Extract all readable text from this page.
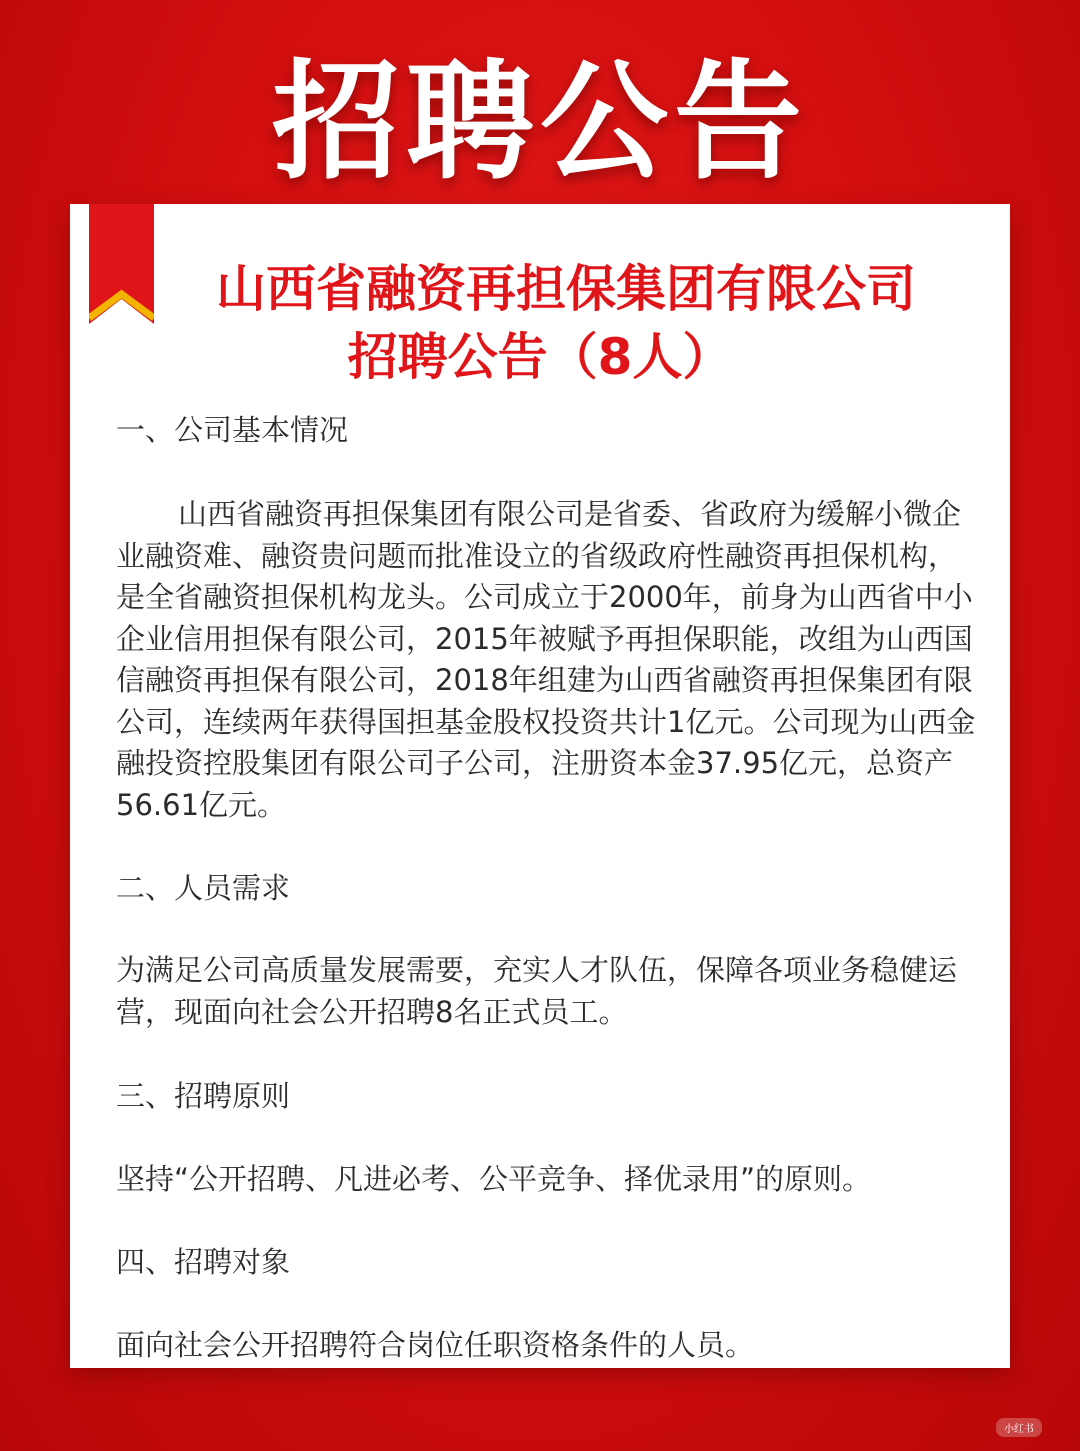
招聘公告
山西省融资再担保集团有限公司
招聘公告（8人）

一、公司基本情况

山西省融资再担保集团有限公司是省委、省政府为缓解小微企业融资难、融资贵问题而批准设立的省级政府性融资再担保机构，是全省融资担保机构龙头。公司成立于2000年，前身为山西省中小企业信用担保有限公司，2015年被赋予再担保职能，改组为山西国信融资再担保有限公司，2018年组建为山西省融资再担保集团有限公司，连续两年获得国担基金股权投资共计1亿元。公司现为山西金融投资控股集团有限公司子公司，注册资本金37.95亿元，总资产56.61亿元。

二、人员需求

为满足公司高质量发展需要，充实人才队伍，保障各项业务稳健运营，现面向社会公开招聘8名正式员工。

三、招聘原则

坚持“公开招聘、凡进必考、公平竞争、择优录用”的原则。

四、招聘对象

面向社会公开招聘符合岗位任职资格条件的人员。

小红书
